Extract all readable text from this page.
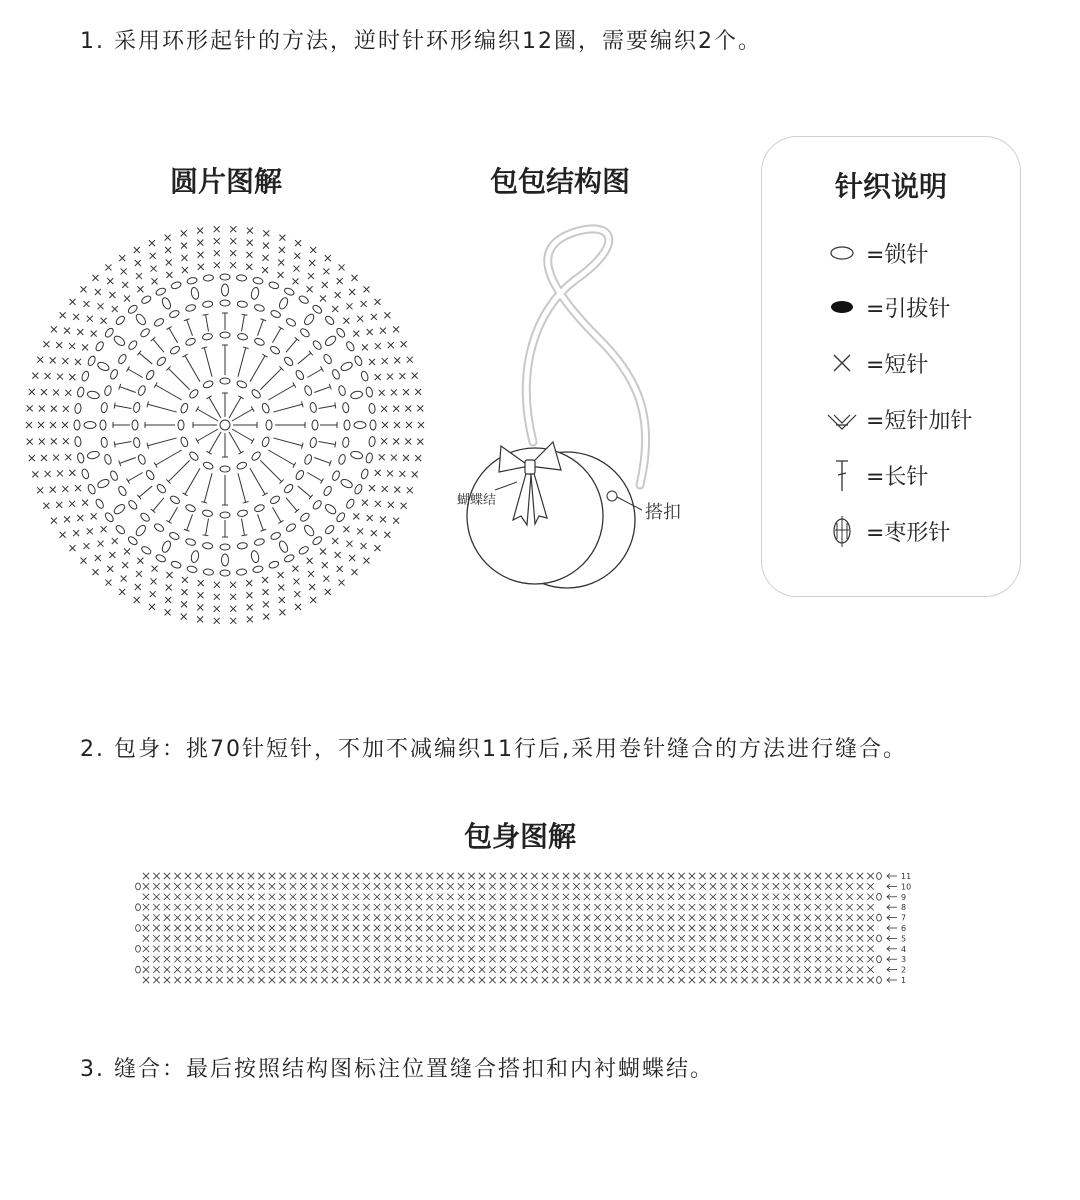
1. 采用环形起针的方法，逆时针环形编织12圈，需要编织2个。
2. 包身：挑70针短针，不加不减编织11行后,采用卷针缝合的方法进行缝合。
3. 缝合：最后按照结构图标注位置缝合搭扣和内衬蝴蝶结。
圆片图解	包包结构图
包身图解
蝴蝶结
搭扣
针织说明
=锁针
=引拔针
=短针
=短针加针
=长针
=枣形针
11
10
9
8
7
6
5
4
3
2
1
